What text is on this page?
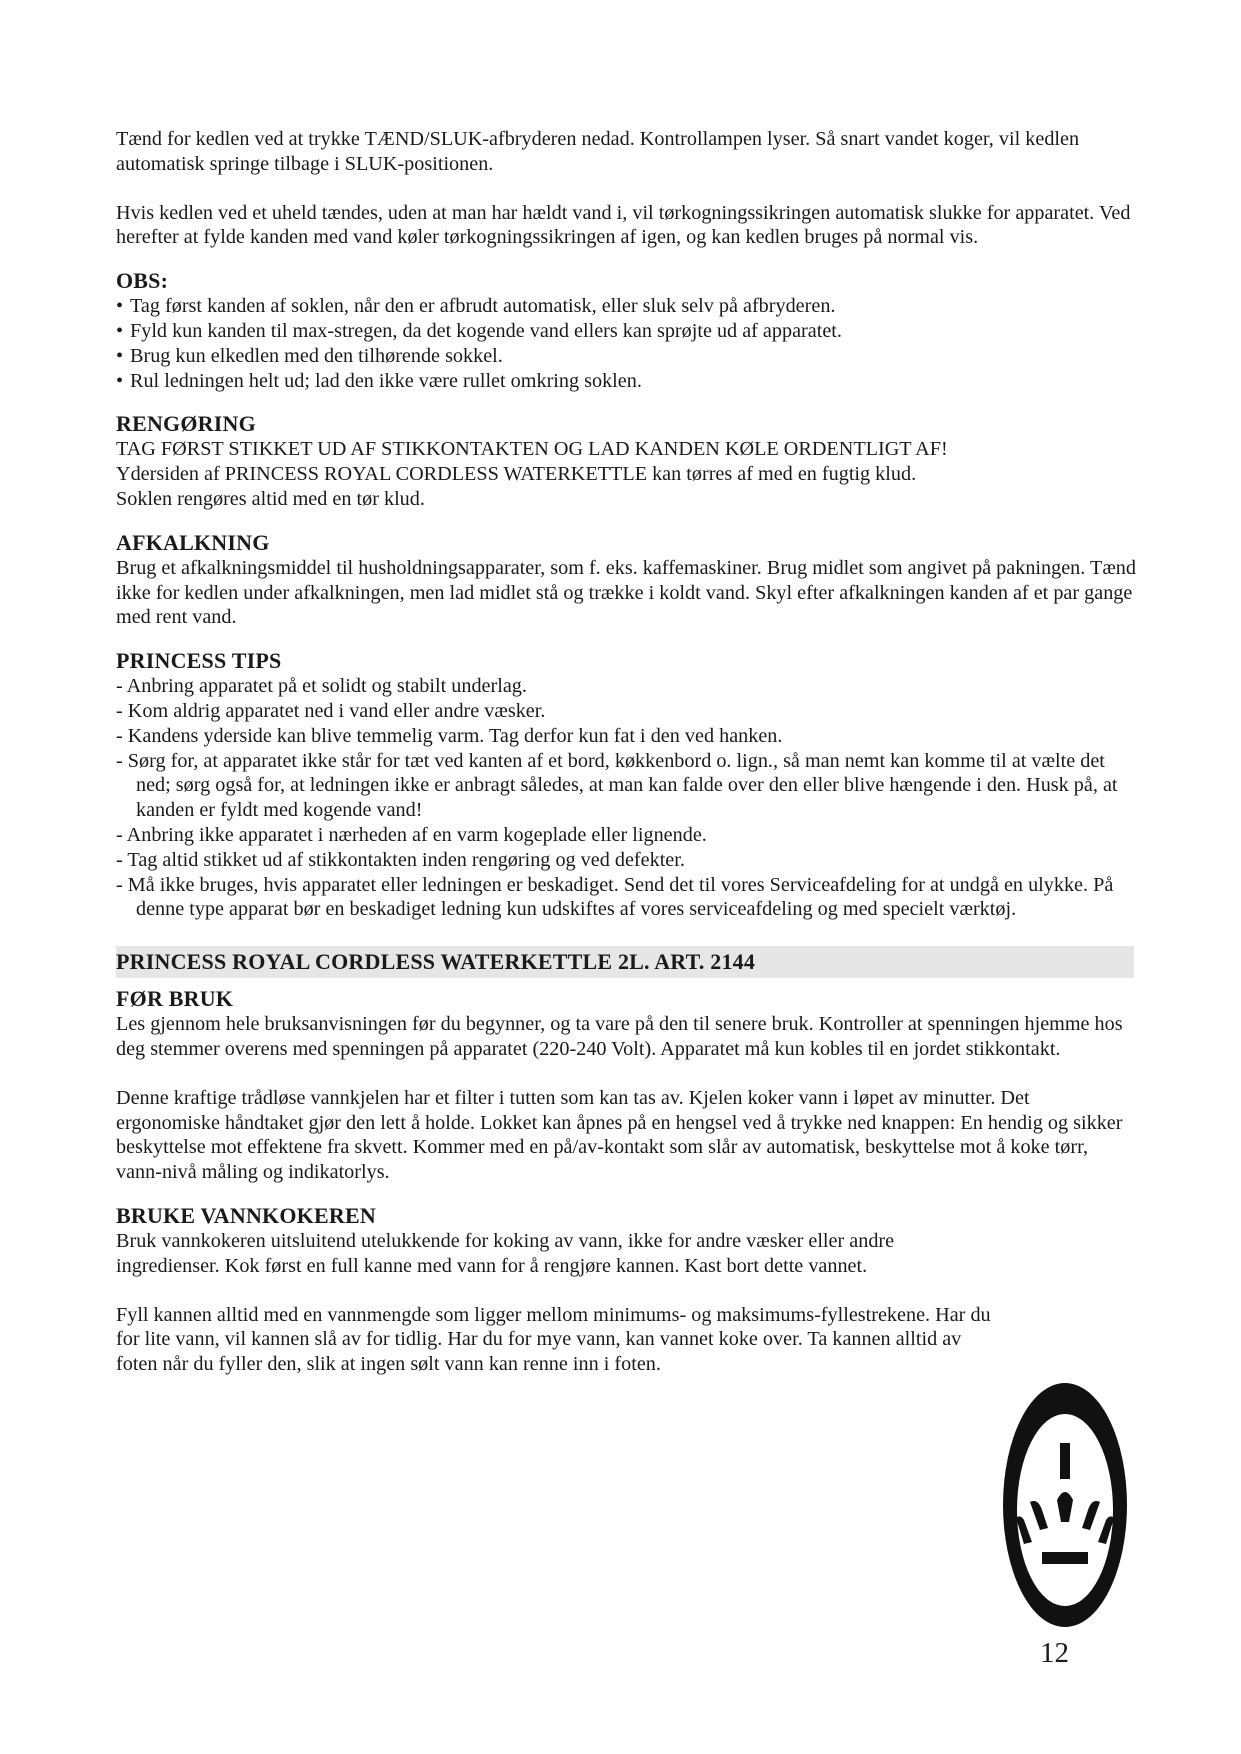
Tænd for kedlen ved at trykke TÆND/SLUK-afbryderen nedad. Kontrollampen lyser. Så snart vandet koger, vil kedlen automatisk springe tilbage i SLUK-positionen.

Hvis kedlen ved et uheld tændes, uden at man har hældt vand i, vil tørkogningssikringen automatisk slukke for apparatet. Ved herefter at fylde kanden med vand køler tørkogningssikringen af igen, og kan kedlen bruges på normal vis.

OBS:
• Tag først kanden af soklen, når den er afbrudt automatisk, eller sluk selv på afbryderen.
• Fyld kun kanden til max-stregen, da det kogende vand ellers kan sprøjte ud af apparatet.
• Brug kun elkedlen med den tilhørende sokkel.
• Rul ledningen helt ud; lad den ikke være rullet omkring soklen.
RENGØRING

TAG FØRST STIKKET UD AF STIKKONTAKTEN OG LAD KANDEN KØLE ORDENTLIGT AF!

Ydersiden af PRINCESS ROYAL CORDLESS WATERKETTLE kan tørres af med en fugtig klud.

Soklen rengøres altid med en tør klud.

AFKALKNING

Brug et afkalkningsmiddel til husholdningsapparater, som f. eks. kaffemaskiner. Brug midlet som angivet på pakningen. Tænd ikke for kedlen under afkalkningen, men lad midlet stå og trække i koldt vand. Skyl efter afkalkningen kanden af et par gange med rent vand.

PRINCESS TIPS
- Anbring apparatet på et solidt og stabilt underlag.
- Kom aldrig apparatet ned i vand eller andre væsker.
- Kandens yderside kan blive temmelig varm. Tag derfor kun fat i den ved hanken.
- Sørg for, at apparatet ikke står for tæt ved kanten af et bord, køkkenbord o. lign., så man nemt kan komme til at vælte det ned; sørg også for, at ledningen ikke er anbragt således, at man kan falde over den eller blive hængende i den. Husk på, at kanden er fyldt med kogende vand!
- Anbring ikke apparatet i nærheden af en varm kogeplade eller lignende.
- Tag altid stikket ud af stikkontakten inden rengøring og ved defekter.
- Må ikke bruges, hvis apparatet eller ledningen er beskadiget. Send det til vores Serviceafdeling for at undgå en ulykke. På denne type apparat bør en beskadiget ledning kun udskiftes af vores serviceafdeling og med specielt værktøj.
PRINCESS ROYAL CORDLESS WATERKETTLE 2L. ART. 2144
FØR BRUK

Les gjennom hele bruksanvisningen før du begynner, og ta vare på den til senere bruk. Kontroller at spenningen hjemme hos deg stemmer overens med spenningen på apparatet (220-240 Volt). Apparatet må kun kobles til en jordet stikkontakt.

Denne kraftige trådløse vannkjelen har et filter i tutten som kan tas av. Kjelen koker vann i løpet av minutter. Det ergonomiske håndtaket gjør den lett å holde. Lokket kan åpnes på en hengsel ved å trykke ned knappen: En hendig og sikker beskyttelse mot effektene fra skvett. Kommer med en på/av-kontakt som slår av automatisk, beskyttelse mot å koke tørr, vann-nivå måling og indikatorlys.

BRUKE VANNKOKEREN

Bruk vannkokeren uitsluitend utelukkende for koking av vann, ikke for andre væsker eller andre ingredienser. Kok først en full kanne med vann for å rengjøre kannen. Kast bort dette vannet.

Fyll kannen alltid med en vannmengde som ligger mellom minimums- og maksimums-fyllestrekene. Har du for lite vann, vil kannen slå av for tidlig. Har du for mye vann, kan vannet koke over. Ta kannen alltid av foten når du fyller den, slik at ingen sølt vann kan renne inn i foten.

12
